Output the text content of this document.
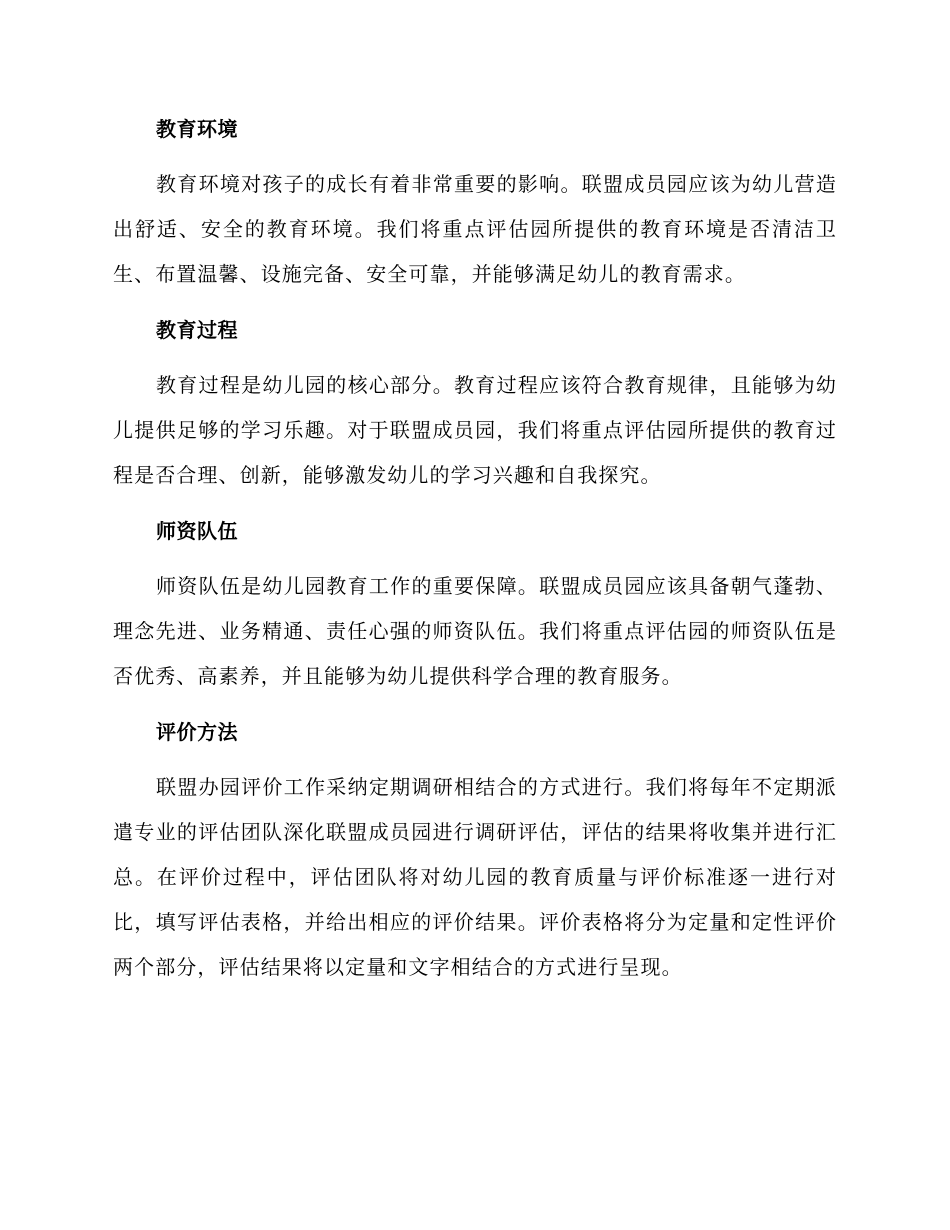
教育环境
教育环境对孩子的成长有着非常重要的影响。联盟成员园应该为幼儿营造出舒适、安全的教育环境。我们将重点评估园所提供的教育环境是否清洁卫生、布置温馨、设施完备、安全可靠，并能够满足幼儿的教育需求。
教育过程
教育过程是幼儿园的核心部分。教育过程应该符合教育规律，且能够为幼儿提供足够的学习乐趣。对于联盟成员园，我们将重点评估园所提供的教育过程是否合理、创新，能够激发幼儿的学习兴趣和自我探究。
师资队伍
师资队伍是幼儿园教育工作的重要保障。联盟成员园应该具备朝气蓬勃、理念先进、业务精通、责任心强的师资队伍。我们将重点评估园的师资队伍是否优秀、高素养，并且能够为幼儿提供科学合理的教育服务。
评价方法
联盟办园评价工作采纳定期调研相结合的方式进行。我们将每年不定期派遣专业的评估团队深化联盟成员园进行调研评估，评估的结果将收集并进行汇总。在评价过程中，评估团队将对幼儿园的教育质量与评价标准逐一进行对比，填写评估表格，并给出相应的评价结果。评价表格将分为定量和定性评价两个部分，评估结果将以定量和文字相结合的方式进行呈现。
